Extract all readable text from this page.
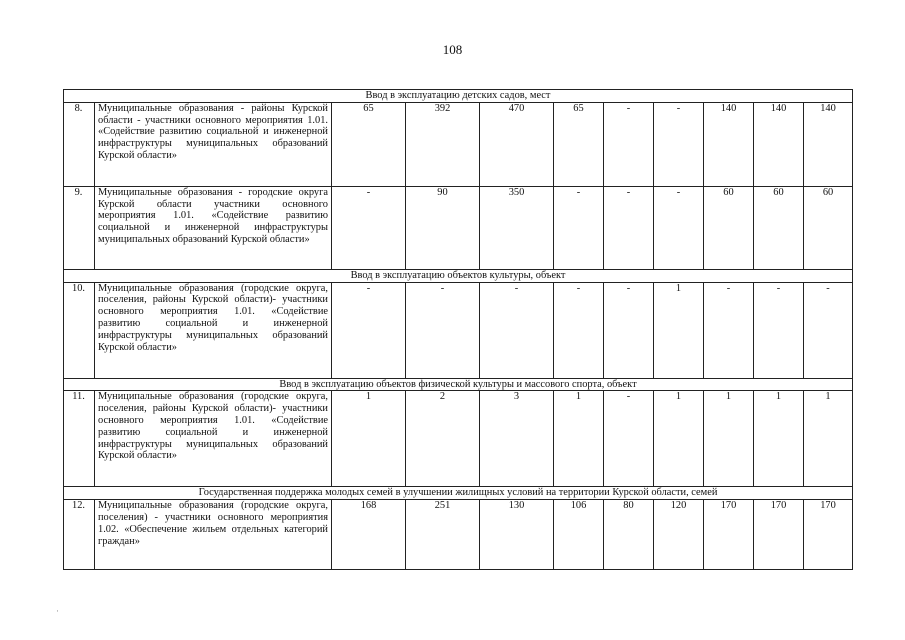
108
Ввод в эксплуатацию детских садов, мест										
8.	Муниципальные образования - районы Курской области - участники основного мероприятия 1.01. «Содействие развитию социальной и инженерной инфраструктуры муниципальных образований Курской области»	65	392	470	65	-	-	140	140	140
9.	Муниципальные образования - городские округа Курской области участники основного мероприятия 1.01. «Содействие развитию социальной и инженерной инфраструктуры муниципальных образований Курской области»	-	90	350	-	-	-	60	60	60
Ввод в эксплуатацию объектов культуры, объект										
10.	Муниципальные образования (городские округа, поселения, районы Курской области)- участники основного мероприятия 1.01. «Содействие развитию социальной и инженерной инфраструктуры муниципальных образований Курской области»	-	-	-	-	-	1	-	-	-
Ввод в эксплуатацию объектов физической культуры и массового спорта, объект										
11.	Муниципальные образования (городские округа, поселения, районы Курской области)- участники основного мероприятия 1.01. «Содействие развитию социальной и инженерной инфраструктуры муниципальных образований Курской области»	1	2	3	1	-	1	1	1	1
Государственная поддержка молодых семей в улучшении жилищных условий на территории Курской области, семей										
12.	Муниципальные образования (городские округа, поселения) - участники основного мероприятия 1.02. «Обеспечение жильем отдельных категорий граждан»	168	251	130	106	80	120	170	170	170
·
